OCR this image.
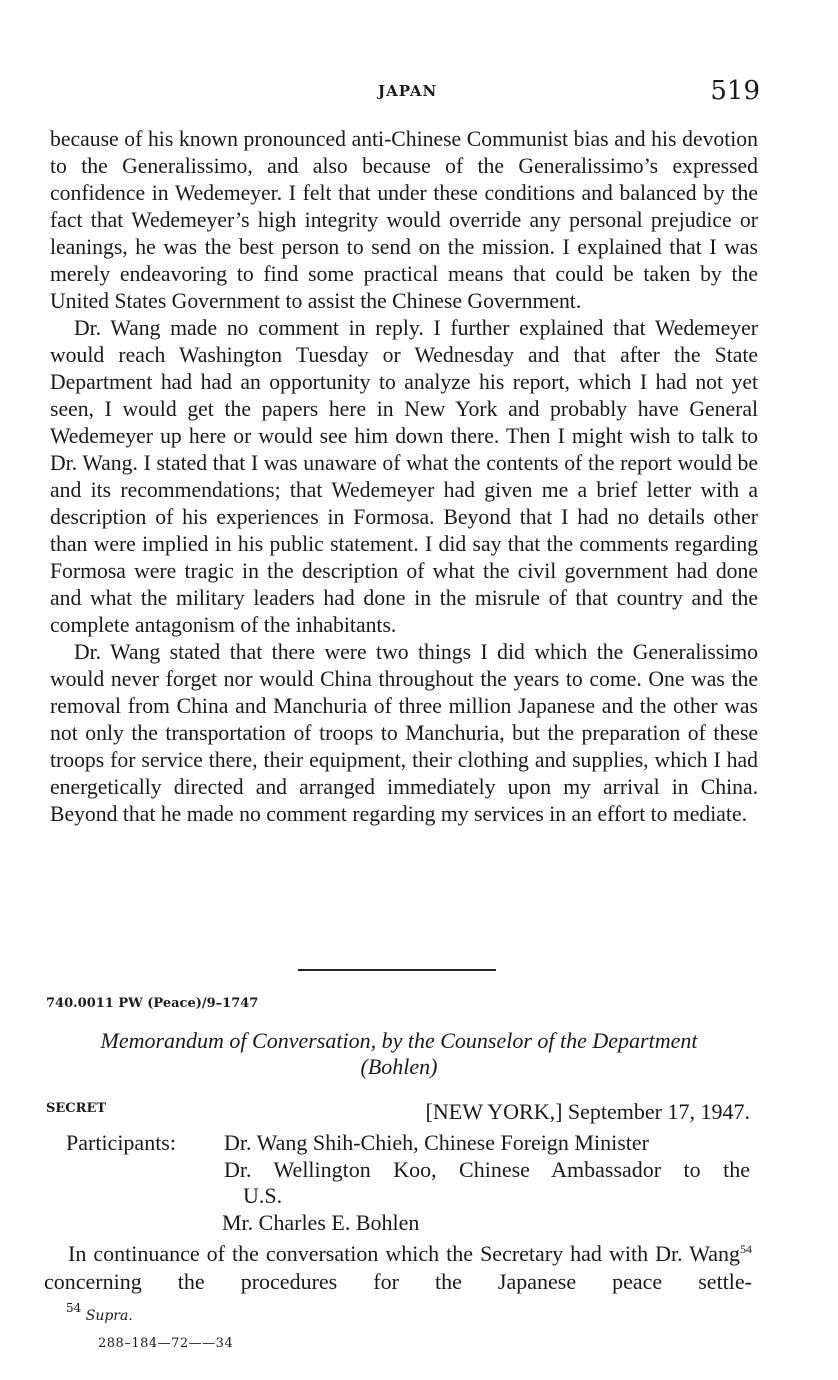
JAPAN	519

because of his known pronounced anti-Chinese Communist bias and his devotion to the Generalissimo, and also because of the Generalissimo’s expressed confidence in Wedemeyer. I felt that under these conditions and balanced by the fact that Wedemeyer’s high integrity would override any personal prejudice or leanings, he was the best person to send on the mission. I explained that I was merely endeavoring to find some practical means that could be taken by the United States Government to assist the Chinese Government.

Dr. Wang made no comment in reply. I further explained that Wedemeyer would reach Washington Tuesday or Wednesday and that after the State Department had had an opportunity to analyze his report, which I had not yet seen, I would get the papers here in New York and probably have General Wedemeyer up here or would see him down there. Then I might wish to talk to Dr. Wang. I stated that I was unaware of what the contents of the report would be and its recommendations; that Wedemeyer had given me a brief letter with a description of his experiences in Formosa. Beyond that I had no details other than were implied in his public statement. I did say that the comments regarding Formosa were tragic in the description of what the civil government had done and what the military leaders had done in the misrule of that country and the complete antagonism of the inhabitants.

Dr. Wang stated that there were two things I did which the Generalissimo would never forget nor would China throughout the years to come. One was the removal from China and Manchuria of three million Japanese and the other was not only the transportation of troops to Manchuria, but the preparation of these troops for service there, their equipment, their clothing and supplies, which I had energetically directed and arranged immediately upon my arrival in China. Beyond that he made no comment regarding my services in an effort to mediate.

740.0011 PW (Peace)/9–1747
Memorandum of Conversation, by the Counselor of the Department
(Bohlen)
SECRET	[NEW YORK,] September 17, 1947.
Participants: Dr. Wang Shih-Chieh, Chinese Foreign Minister
Dr. Wellington Koo, Chinese Ambassador to the
U.S.
Mr. Charles E. Bohlen
In continuance of the conversation which the Secretary had with Dr. Wang$^{54}$ concerning the procedures for the Japanese peace settle-
$^{54}$ Supra.
288–184—72——34
